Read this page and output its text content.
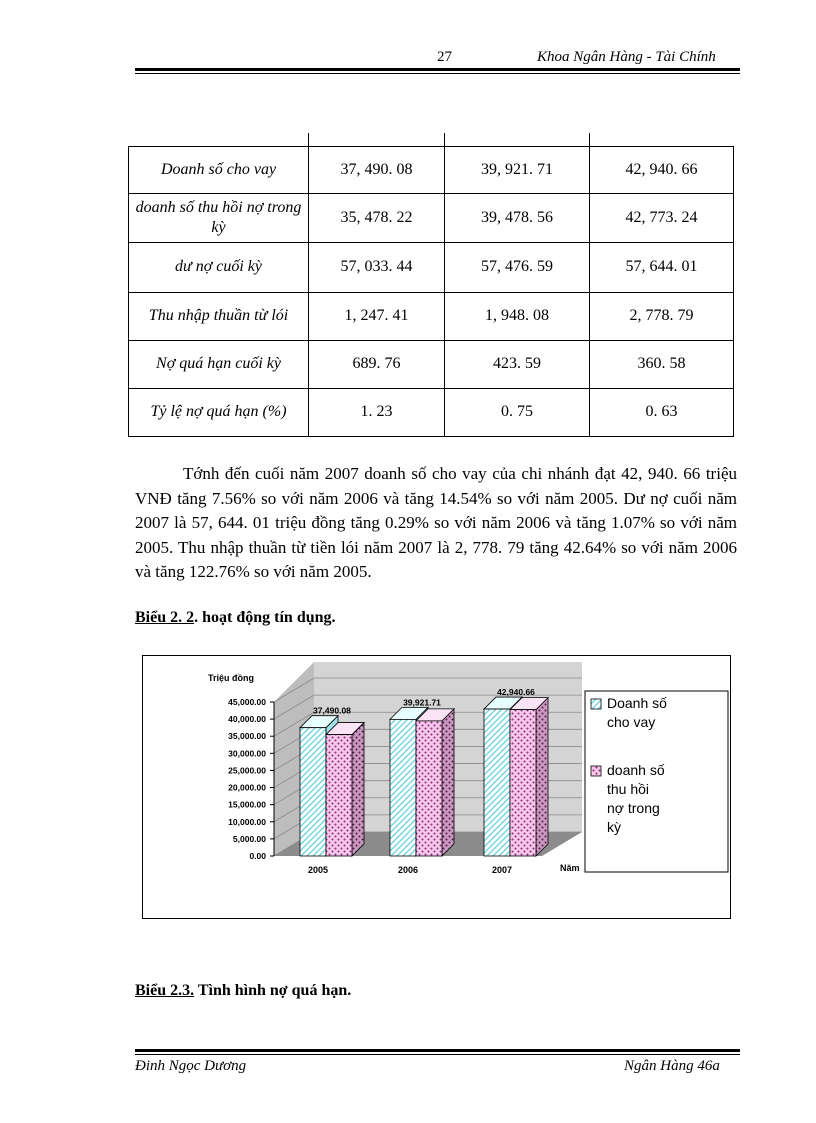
27	Khoa Ngân Hàng - Tài Chính

Doanh số cho vay	37, 490. 08	39, 921. 71	42, 940. 66
doanh số thu hồi nợ trong kỳ	35, 478. 22	39, 478. 56	42, 773. 24
dư nợ cuối kỳ	57, 033. 44	57, 476. 59	57, 644. 01
Thu nhập thuần từ lói	1, 247. 41	1, 948. 08	2, 778. 79
Nợ quá hạn cuối kỳ	689. 76	423. 59	360. 58
Tỷ lệ nợ quá hạn (%)	1. 23	0. 75	0. 63

Tớnh đến cuối năm 2007 doanh số cho vay của chi nhánh đạt 42, 940. 66 triệu VNĐ tăng 7.56% so với năm 2006 và tăng 14.54% so với năm 2005. Dư nợ cuối năm 2007 là 57, 644. 01 triệu đồng tăng 0.29% so với năm 2006 và tăng 1.07% so với năm 2005. Thu nhập thuần từ tiền lói năm 2007 là 2, 778. 79 tăng 42.64% so với năm 2006 và tăng 122.76% so với năm 2005.

Biểu 2. 2. hoạt động tín dụng.
0.00
5,000.00
10,000.00
15,000.00
20,000.00
25,000.00
30,000.00
35,000.00
40,000.00
45,000.00
Triệu đồng
37,490.08
39,921.71
42,940.66
2005	2006	2007	Năm
Doanh số cho vay
doanh số thu hồi nợ trong kỳ
Biểu 2.3. Tình hình nợ quá hạn.
Đinh Ngọc Dương	Ngân Hàng 46a
